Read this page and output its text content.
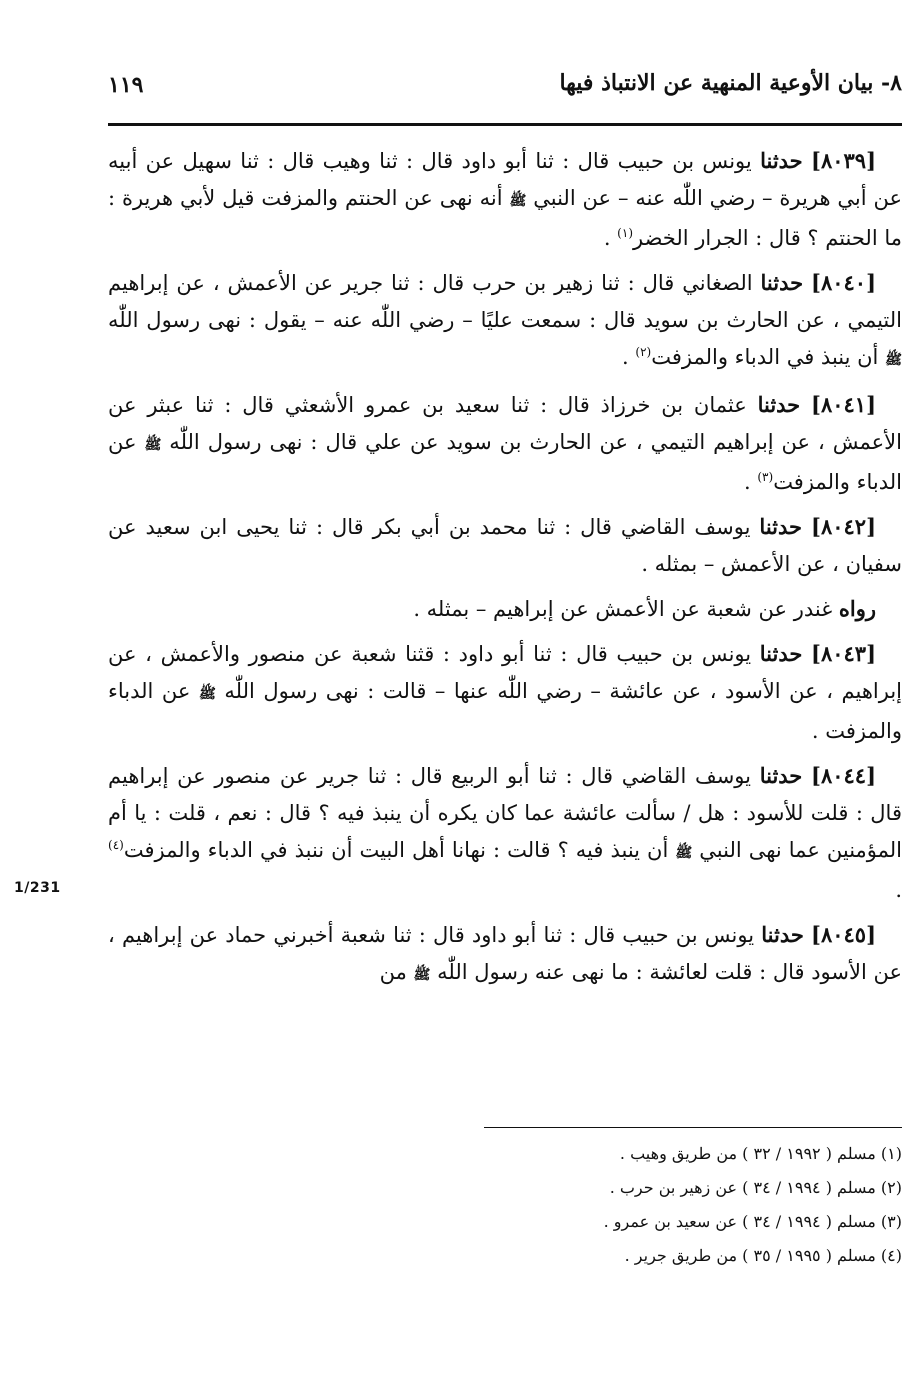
٨- بيان الأوعية المنهية عن الانتباذ فيها
١١٩
1/231

[٨٠٣٩] حدثنا يونس بن حبيب قال : ثنا أبو داود قال : ثنا وهيب قال : ثنا سهيل عن أبيه عن أبي هريرة – رضي اللّٰه عنه – عن النبي ﷺ أنه نهى عن الحنتم والمزفت قيل لأبي هريرة : ما الحنتم ؟ قال : الجرار الخضر$^{(١)}$ .

[٨٠٤٠] حدثنا الصغاني قال : ثنا زهير بن حرب قال : ثنا جرير عن الأعمش ، عن إبراهيم التيمي ، عن الحارث بن سويد قال : سمعت عليًا – رضي اللّٰه عنه – يقول : نهى رسول اللّٰه ﷺ أن ينبذ في الدباء والمزفت$^{(٢)}$ .

[٨٠٤١] حدثنا عثمان بن خرزاذ قال : ثنا سعيد بن عمرو الأشعثي قال : ثنا عبثر عن الأعمش ، عن إبراهيم التيمي ، عن الحارث بن سويد عن علي قال : نهى رسول اللّٰه ﷺ عن الدباء والمزفت$^{(٣)}$ .

[٨٠٤٢] حدثنا يوسف القاضي قال : ثنا محمد بن أبي بكر قال : ثنا يحيى ابن سعيد عن سفيان ، عن الأعمش – بمثله .

رواه غندر عن شعبة عن الأعمش عن إبراهيم – بمثله .

[٨٠٤٣] حدثنا يونس بن حبيب قال : ثنا أبو داود : قثنا شعبة عن منصور والأعمش ، عن إبراهيم ، عن الأسود ، عن عائشة – رضي اللّٰه عنها – قالت : نهى رسول اللّٰه ﷺ عن الدباء والمزفت .

[٨٠٤٤] حدثنا يوسف القاضي قال : ثنا أبو الربيع قال : ثنا جرير عن منصور عن إبراهيم قال : قلت للأسود : هل / سألت عائشة عما كان يكره أن ينبذ فيه ؟ قال : نعم ، قلت : يا أم المؤمنين عما نهى النبي ﷺ أن ينبذ فيه ؟ قالت : نهانا أهل البيت أن ننبذ في الدباء والمزفت$^{(٤)}$ .

[٨٠٤٥] حدثنا يونس بن حبيب قال : ثنا أبو داود قال : ثنا شعبة أخبرني حماد عن إبراهيم ، عن الأسود قال : قلت لعائشة : ما نهى عنه رسول اللّٰه ﷺ من

(١) مسلم ( ١٩٩٢ / ٣٢ ) من طريق وهيب .

(٢) مسلم ( ١٩٩٤ / ٣٤ ) عن زهير بن حرب .

(٣) مسلم ( ١٩٩٤ / ٣٤ ) عن سعيد بن عمرو .

(٤) مسلم ( ١٩٩٥ / ٣٥ ) من طريق جرير .
